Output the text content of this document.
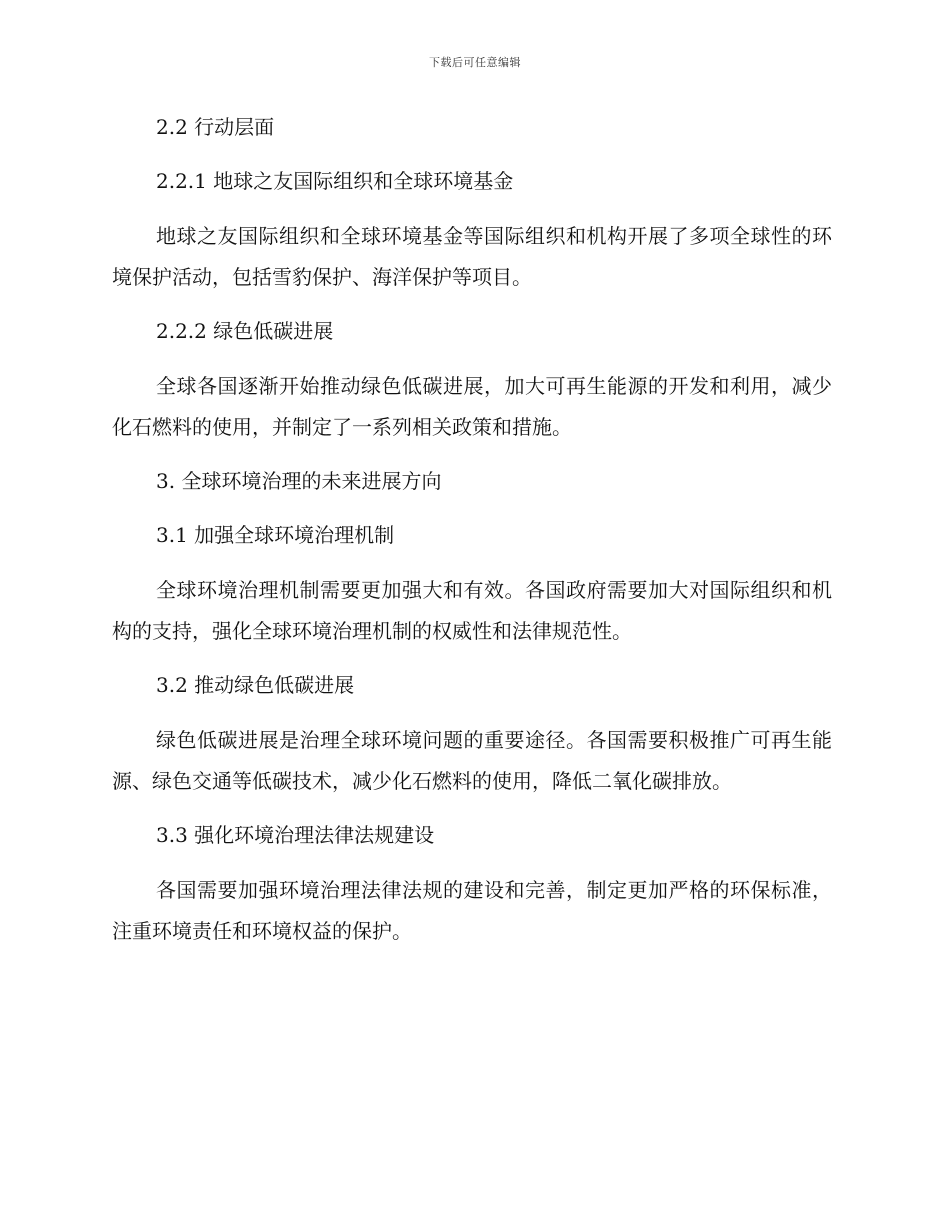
下载后可任意编辑
2.2 行动层面
2.2.1 地球之友国际组织和全球环境基金

地球之友国际组织和全球环境基金等国际组织和机构开展了多项全球性的环境保护活动，包括雪豹保护、海洋保护等项目。

2.2.2 绿色低碳进展

全球各国逐渐开始推动绿色低碳进展，加大可再生能源的开发和利用，减少化石燃料的使用，并制定了一系列相关政策和措施。

3. 全球环境治理的未来进展方向
3.1 加强全球环境治理机制

全球环境治理机制需要更加强大和有效。各国政府需要加大对国际组织和机构的支持，强化全球环境治理机制的权威性和法律规范性。

3.2 推动绿色低碳进展

绿色低碳进展是治理全球环境问题的重要途径。各国需要积极推广可再生能源、绿色交通等低碳技术，减少化石燃料的使用，降低二氧化碳排放。

3.3 强化环境治理法律法规建设

各国需要加强环境治理法律法规的建设和完善，制定更加严格的环保标准，注重环境责任和环境权益的保护。
